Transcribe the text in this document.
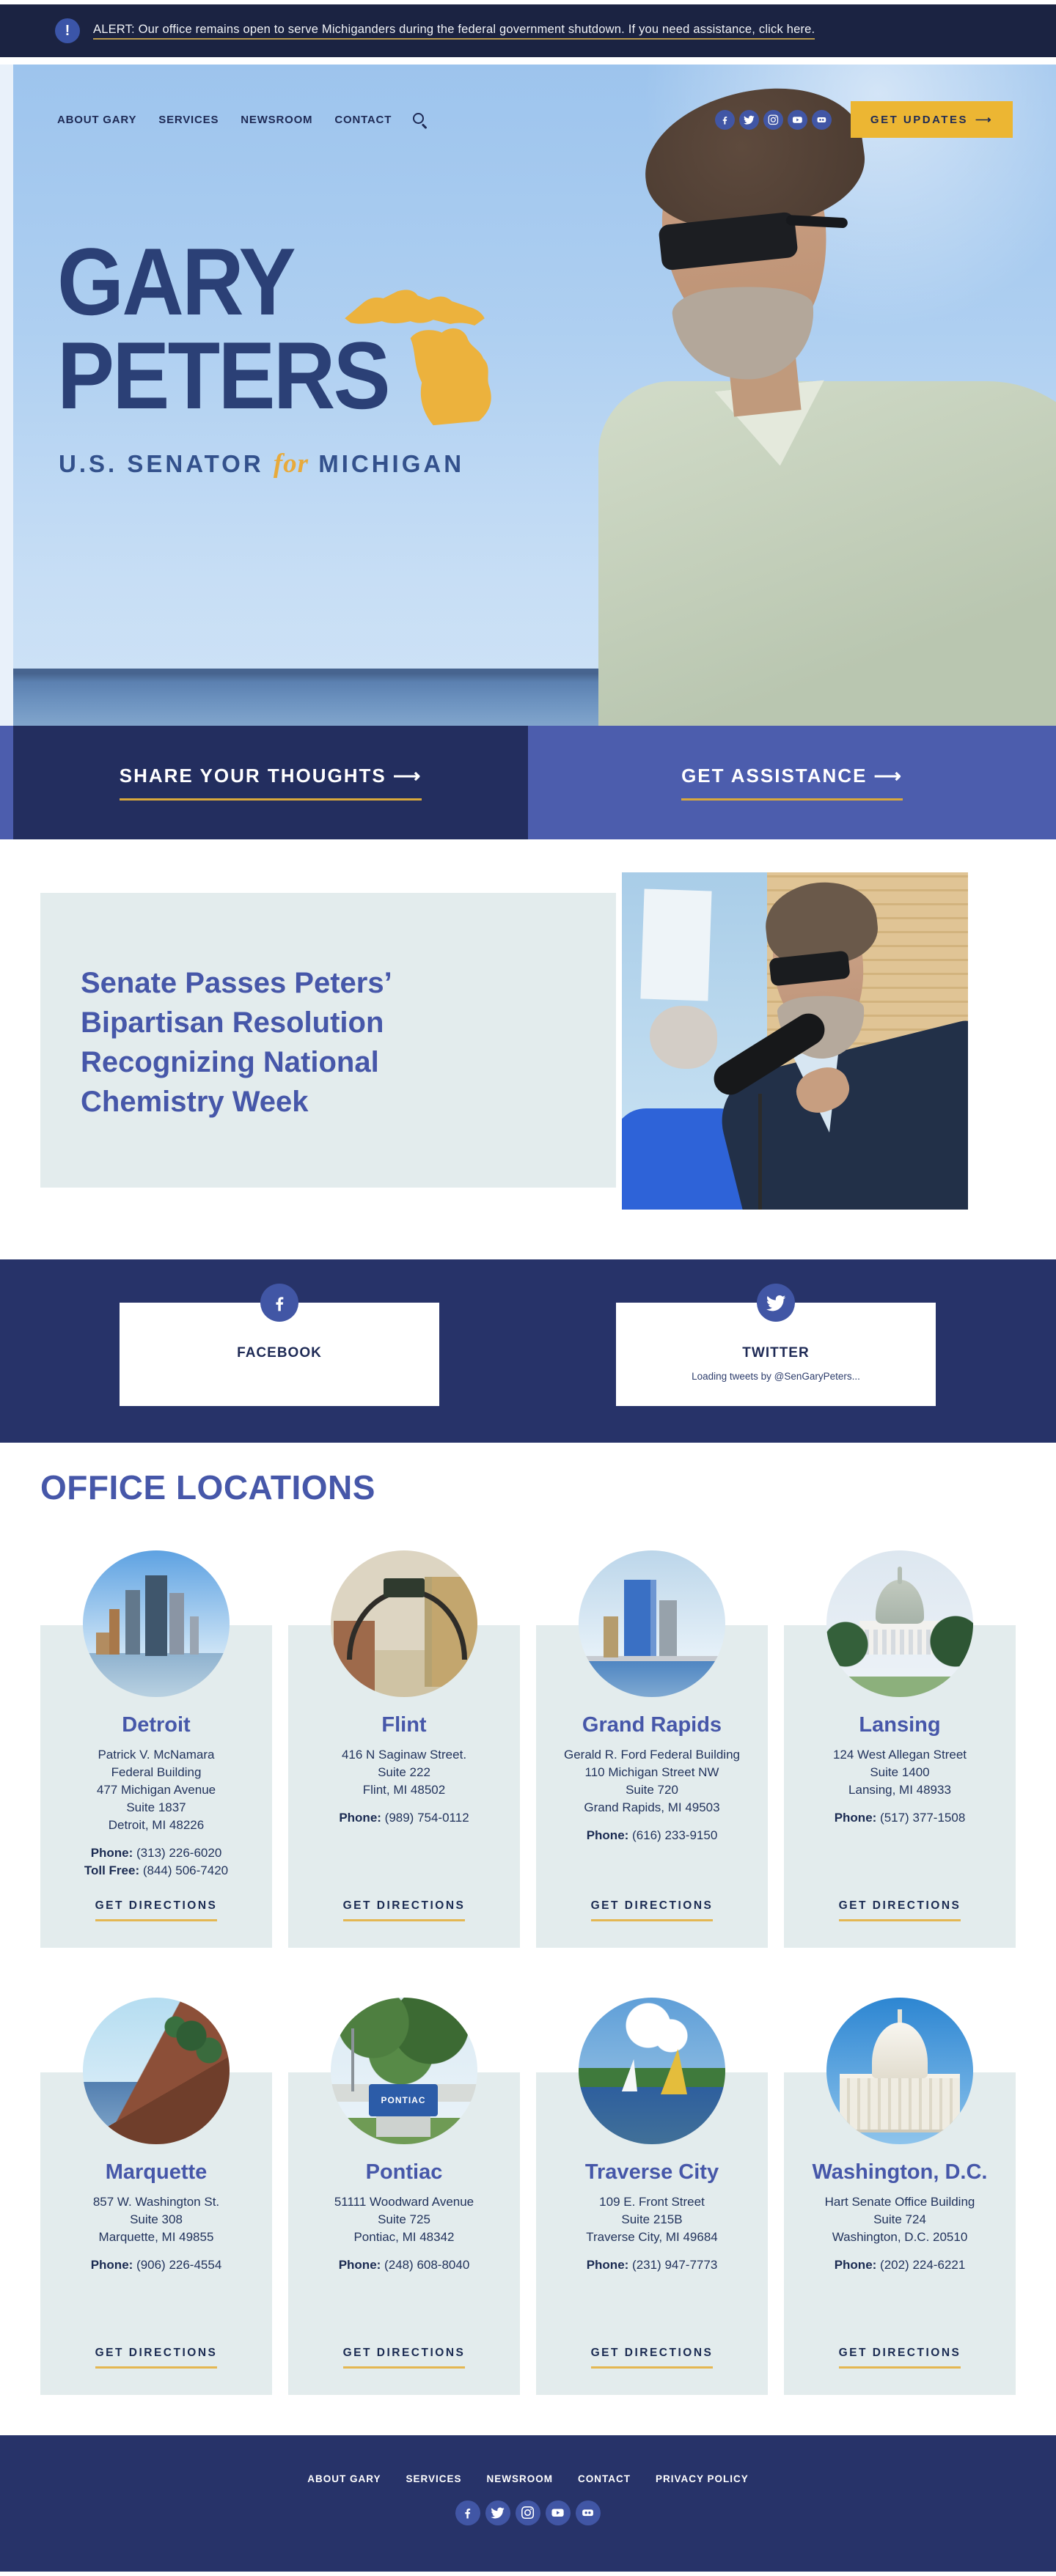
!
ALERT: Our office remains open to serve Michiganders during the federal government shutdown. If you need assistance, click here.
ABOUT GARY SERVICES NEWSROOM CONTACT	GET UPDATES ⟶
GARY
PETERS
U.S. SENATOR for MICHIGAN
SHARE YOUR THOUGHTS ⟶	GET ASSISTANCE ⟶
Senate Passes Peters’ Bipartisan Resolution Recognizing National Chemistry Week
FACEBOOK	TWITTER
Loading tweets by @SenGaryPeters...
OFFICE LOCATIONS
Detroit
Patrick V. McNamara
Federal Building
477 Michigan Avenue
Suite 1837
Detroit, MI 48226
Phone: (313) 226-6020
Toll Free: (844) 506-7420
GET DIRECTIONS
Flint
416 N Saginaw Street.
Suite 222
Flint, MI 48502
Phone: (989) 754-0112
GET DIRECTIONS
Grand Rapids
Gerald R. Ford Federal Building
110 Michigan Street NW
Suite 720
Grand Rapids, MI 49503
Phone: (616) 233-9150
GET DIRECTIONS
Lansing
124 West Allegan Street
Suite 1400
Lansing, MI 48933
Phone: (517) 377-1508
GET DIRECTIONS
Marquette
857 W. Washington St.
Suite 308
Marquette, MI 49855
Phone: (906) 226-4554
GET DIRECTIONS
PONTIAC
Pontiac
51111 Woodward Avenue
Suite 725
Pontiac, MI 48342
Phone: (248) 608-8040
GET DIRECTIONS
Traverse City
109 E. Front Street
Suite 215B
Traverse City, MI 49684
Phone: (231) 947-7773
GET DIRECTIONS
Washington, D.C.
Hart Senate Office Building
Suite 724
Washington, D.C. 20510
Phone: (202) 224-6221
GET DIRECTIONS
ABOUT GARY	SERVICES	NEWSROOM	CONTACT	PRIVACY POLICY
